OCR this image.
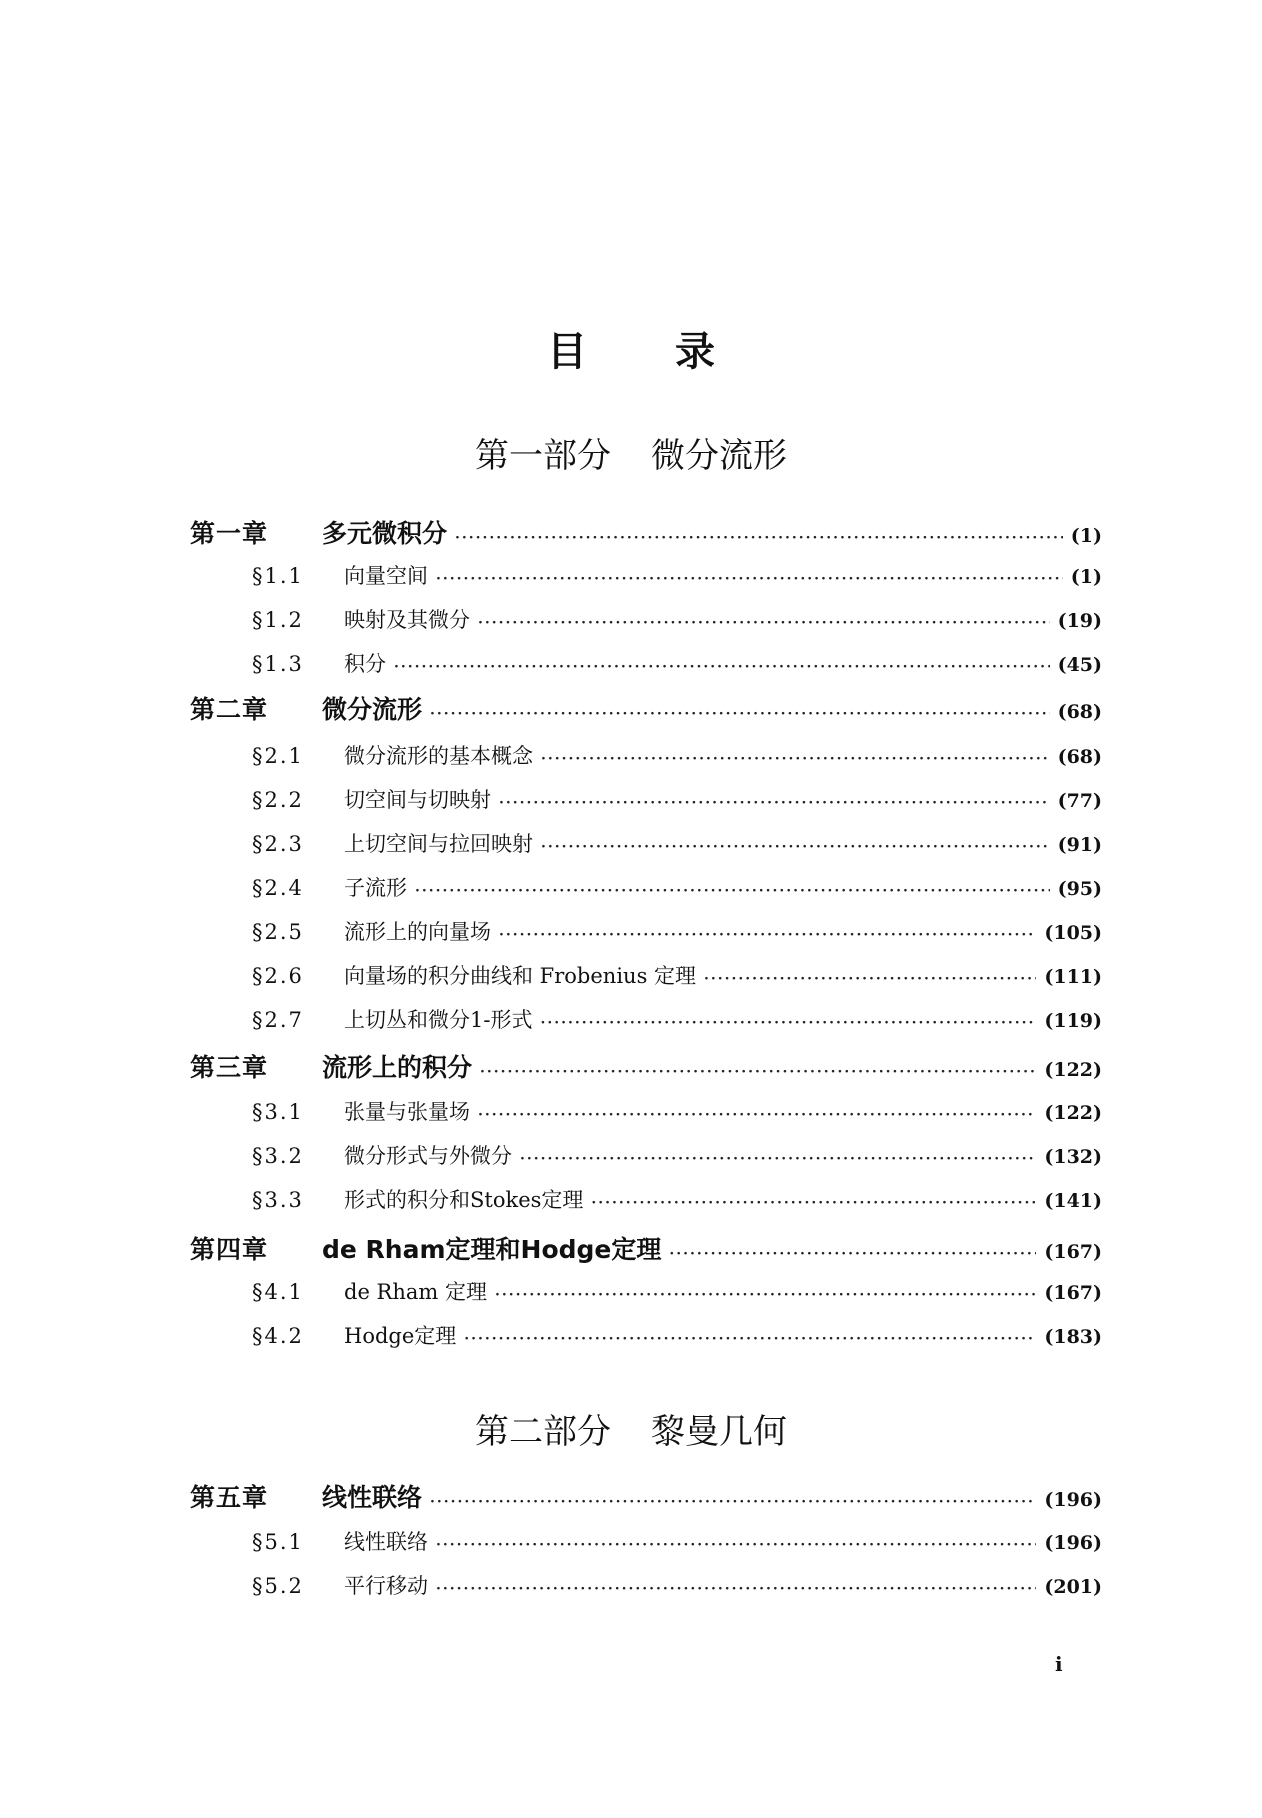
目 录
第一部分 微分流形
第一章	多元微积分 ·····	(1)
§1.1	向量空间 ·····	(1)
§1.2	映射及其微分 ·····	(19)
§1.3	积分 ·····	(45)
第二章	微分流形 ·····	(68)
§2.1	微分流形的基本概念 ·····	(68)
§2.2	切空间与切映射 ·····	(77)
§2.3	上切空间与拉回映射 ·····	(91)
§2.4	子流形 ·····	(95)
§2.5	流形上的向量场 ·····	(105)
§2.6	向量场的积分曲线和 Frobenius 定理 ·····	(111)
§2.7	上切丛和微分1-形式 ·····	(119)
第三章	流形上的积分 ·····	(122)
§3.1	张量与张量场 ·····	(122)
§3.2	微分形式与外微分 ·····	(132)
§3.3	形式的积分和Stokes定理 ·····	(141)
第四章	de Rham定理和Hodge定理 ·····	(167)
§4.1	de Rham 定理 ·····	(167)
§4.2	Hodge定理 ·····	(183)
第二部分 黎曼几何
第五章	线性联络 ·····	(196)
§5.1	线性联络 ·····	(196)
§5.2	平行移动 ·····	(201)
i
